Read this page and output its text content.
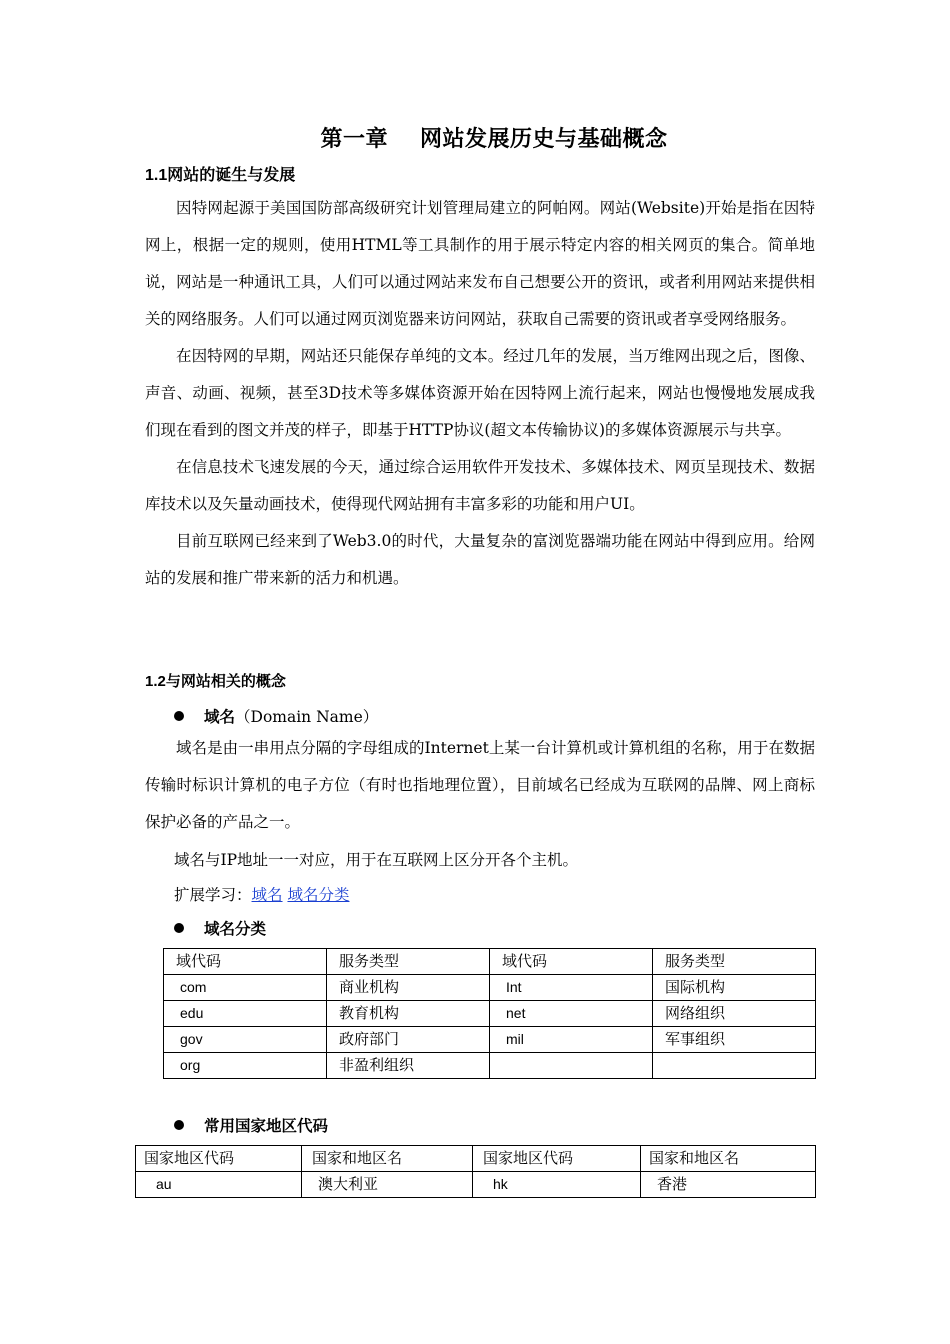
第一章 网站发展历史与基础概念
1.1网站的诞生与发展

因特网起源于美国国防部高级研究计划管理局建立的阿帕网。网站(Website)开始是指在因特网上，根据一定的规则，使用HTML等工具制作的用于展示特定内容的相关网页的集合。简单地说，网站是一种通讯工具，人们可以通过网站来发布自己想要公开的资讯，或者利用网站来提供相关的网络服务。人们可以通过网页浏览器来访问网站，获取自己需要的资讯或者享受网络服务。

在因特网的早期，网站还只能保存单纯的文本。经过几年的发展，当万维网出现之后，图像、声音、动画、视频，甚至3D技术等多媒体资源开始在因特网上流行起来，网站也慢慢地发展成我们现在看到的图文并茂的样子，即基于HTTP协议(超文本传输协议)的多媒体资源展示与共享。

在信息技术飞速发展的今天，通过综合运用软件开发技术、多媒体技术、网页呈现技术、数据库技术以及矢量动画技术，使得现代网站拥有丰富多彩的功能和用户UI。

目前互联网已经来到了Web3.0的时代，大量复杂的富浏览器端功能在网站中得到应用。给网站的发展和推广带来新的活力和机遇。

1.2与网站相关的概念
域名（Domain Name）

域名是由一串用点分隔的字母组成的Internet上某一台计算机或计算机组的名称，用于在数据传输时标识计算机的电子方位（有时也指地理位置），目前域名已经成为互联网的品牌、网上商标保护必备的产品之一。

域名与IP地址一一对应，用于在互联网上区分开各个主机。
扩展学习：域名 域名分类
域名分类
域代码	服务类型	域代码	服务类型
com	商业机构	Int	国际机构
edu	教育机构	net	网络组织
gov	政府部门	mil	军事组织
org	非盈利组织		
常用国家地区代码
国家地区代码	国家和地区名	国家地区代码	国家和地区名
au	澳大利亚	hk	香港
